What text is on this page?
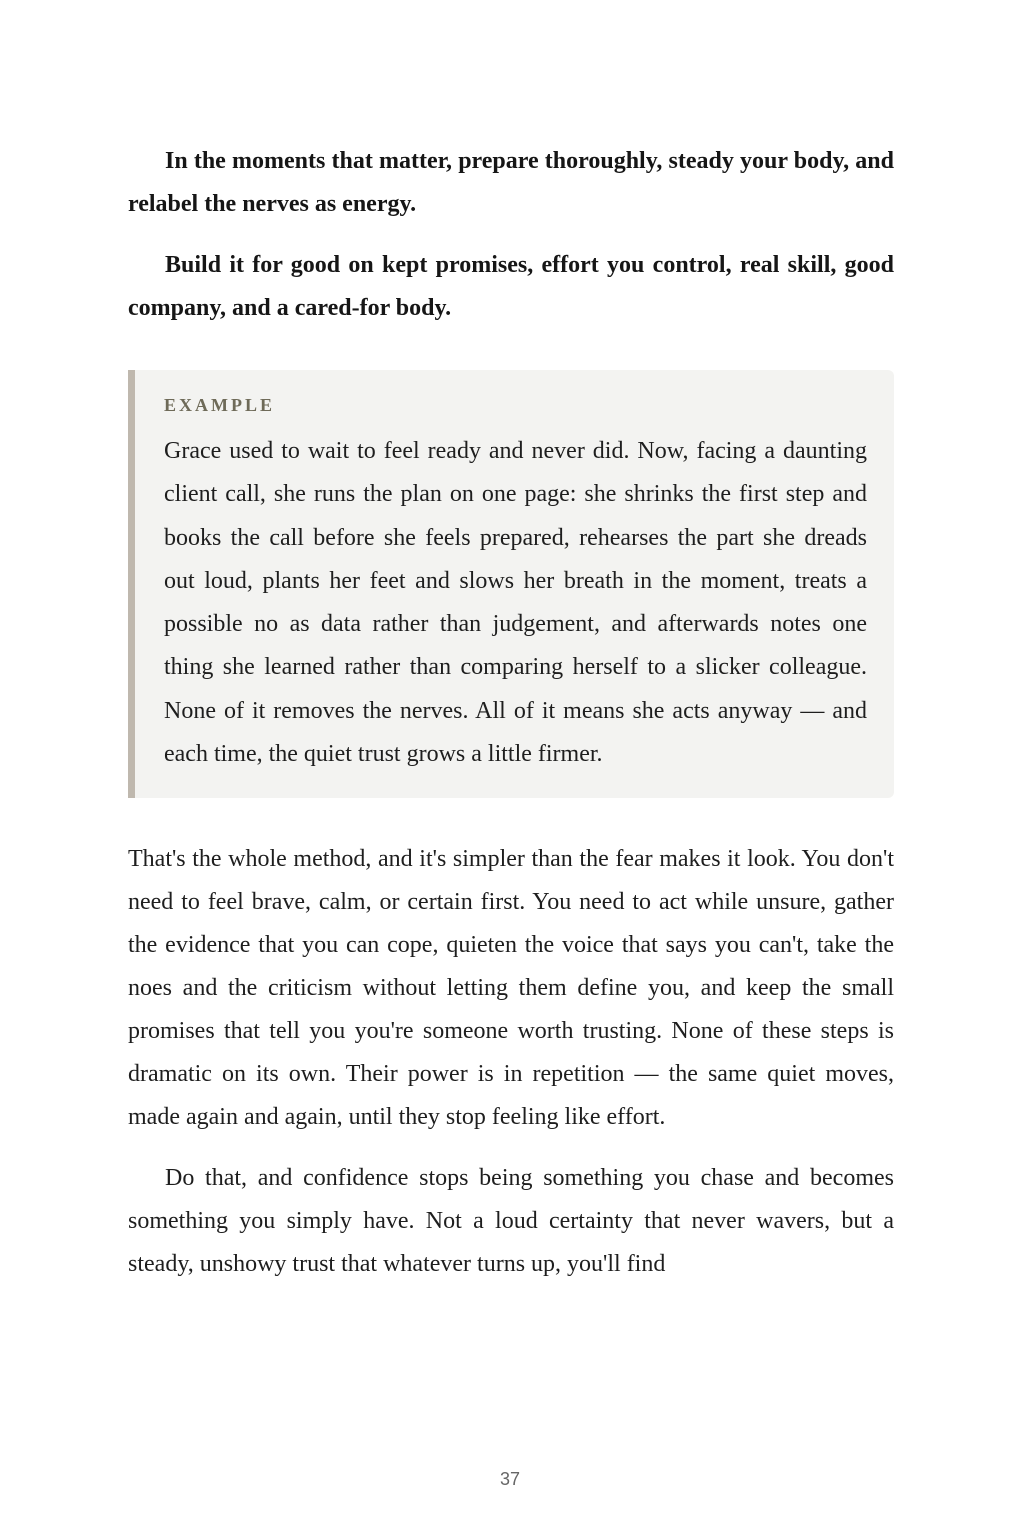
In the moments that matter, prepare thoroughly, steady your body, and relabel the nerves as energy.

Build it for good on kept promises, effort you control, real skill, good company, and a cared-for body.

EXAMPLE

Grace used to wait to feel ready and never did. Now, facing a daunting client call, she runs the plan on one page: she shrinks the first step and books the call before she feels prepared, rehearses the part she dreads out loud, plants her feet and slows her breath in the moment, treats a possible no as data rather than judgement, and afterwards notes one thing she learned rather than comparing herself to a slicker colleague. None of it removes the nerves. All of it means she acts anyway — and each time, the quiet trust grows a little firmer.

That's the whole method, and it's simpler than the fear makes it look. You don't need to feel brave, calm, or certain first. You need to act while unsure, gather the evidence that you can cope, quieten the voice that says you can't, take the noes and the criticism without letting them define you, and keep the small promises that tell you you're someone worth trusting. None of these steps is dramatic on its own. Their power is in repetition — the same quiet moves, made again and again, until they stop feeling like effort.

Do that, and confidence stops being something you chase and becomes something you simply have. Not a loud certainty that never wavers, but a steady, unshowy trust that whatever turns up, you'll find

37
